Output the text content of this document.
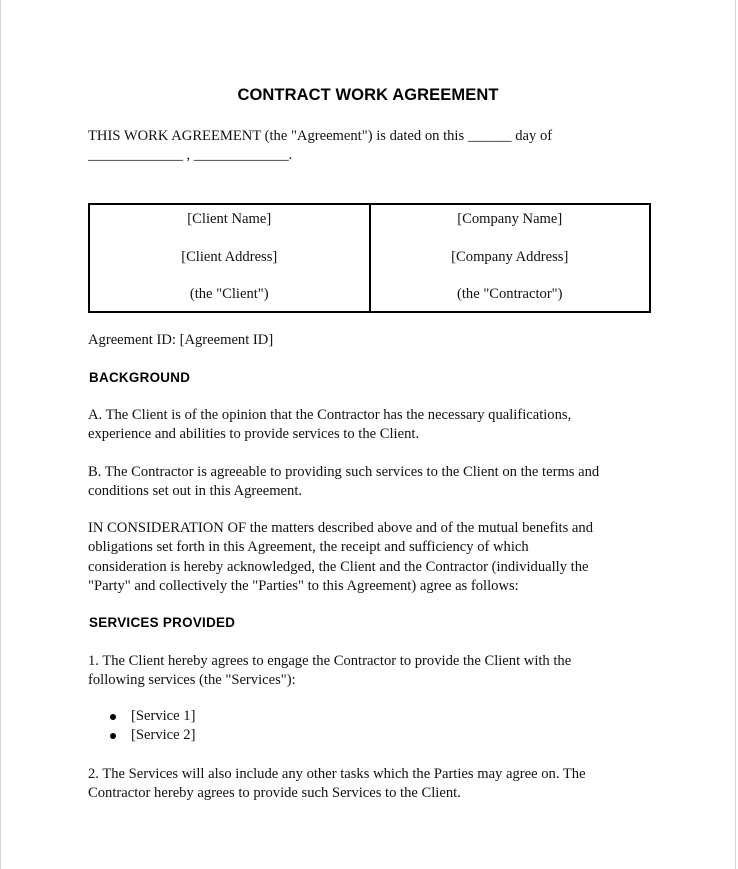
CONTRACT WORK AGREEMENT
THIS WORK AGREEMENT (the "Agreement") is dated on this ______ day of
_____________ , _____________.
[Client Name]
[Client Address]
(the "Client")
[Company Name]
[Company Address]
(the "Contractor")
Agreement ID: [Agreement ID]
BACKGROUND
A. The Client is of the opinion that the Contractor has the necessary qualifications,
experience and abilities to provide services to the Client.
B. The Contractor is agreeable to providing such services to the Client on the terms and
conditions set out in this Agreement.
IN CONSIDERATION OF the matters described above and of the mutual benefits and
obligations set forth in this Agreement, the receipt and sufficiency of which
consideration is hereby acknowledged, the Client and the Contractor (individually the
"Party" and collectively the "Parties" to this Agreement) agree as follows:
SERVICES PROVIDED
1. The Client hereby agrees to engage the Contractor to provide the Client with the
following services (the "Services"):
[Service 1]
[Service 2]
2. The Services will also include any other tasks which the Parties may agree on. The
Contractor hereby agrees to provide such Services to the Client.
